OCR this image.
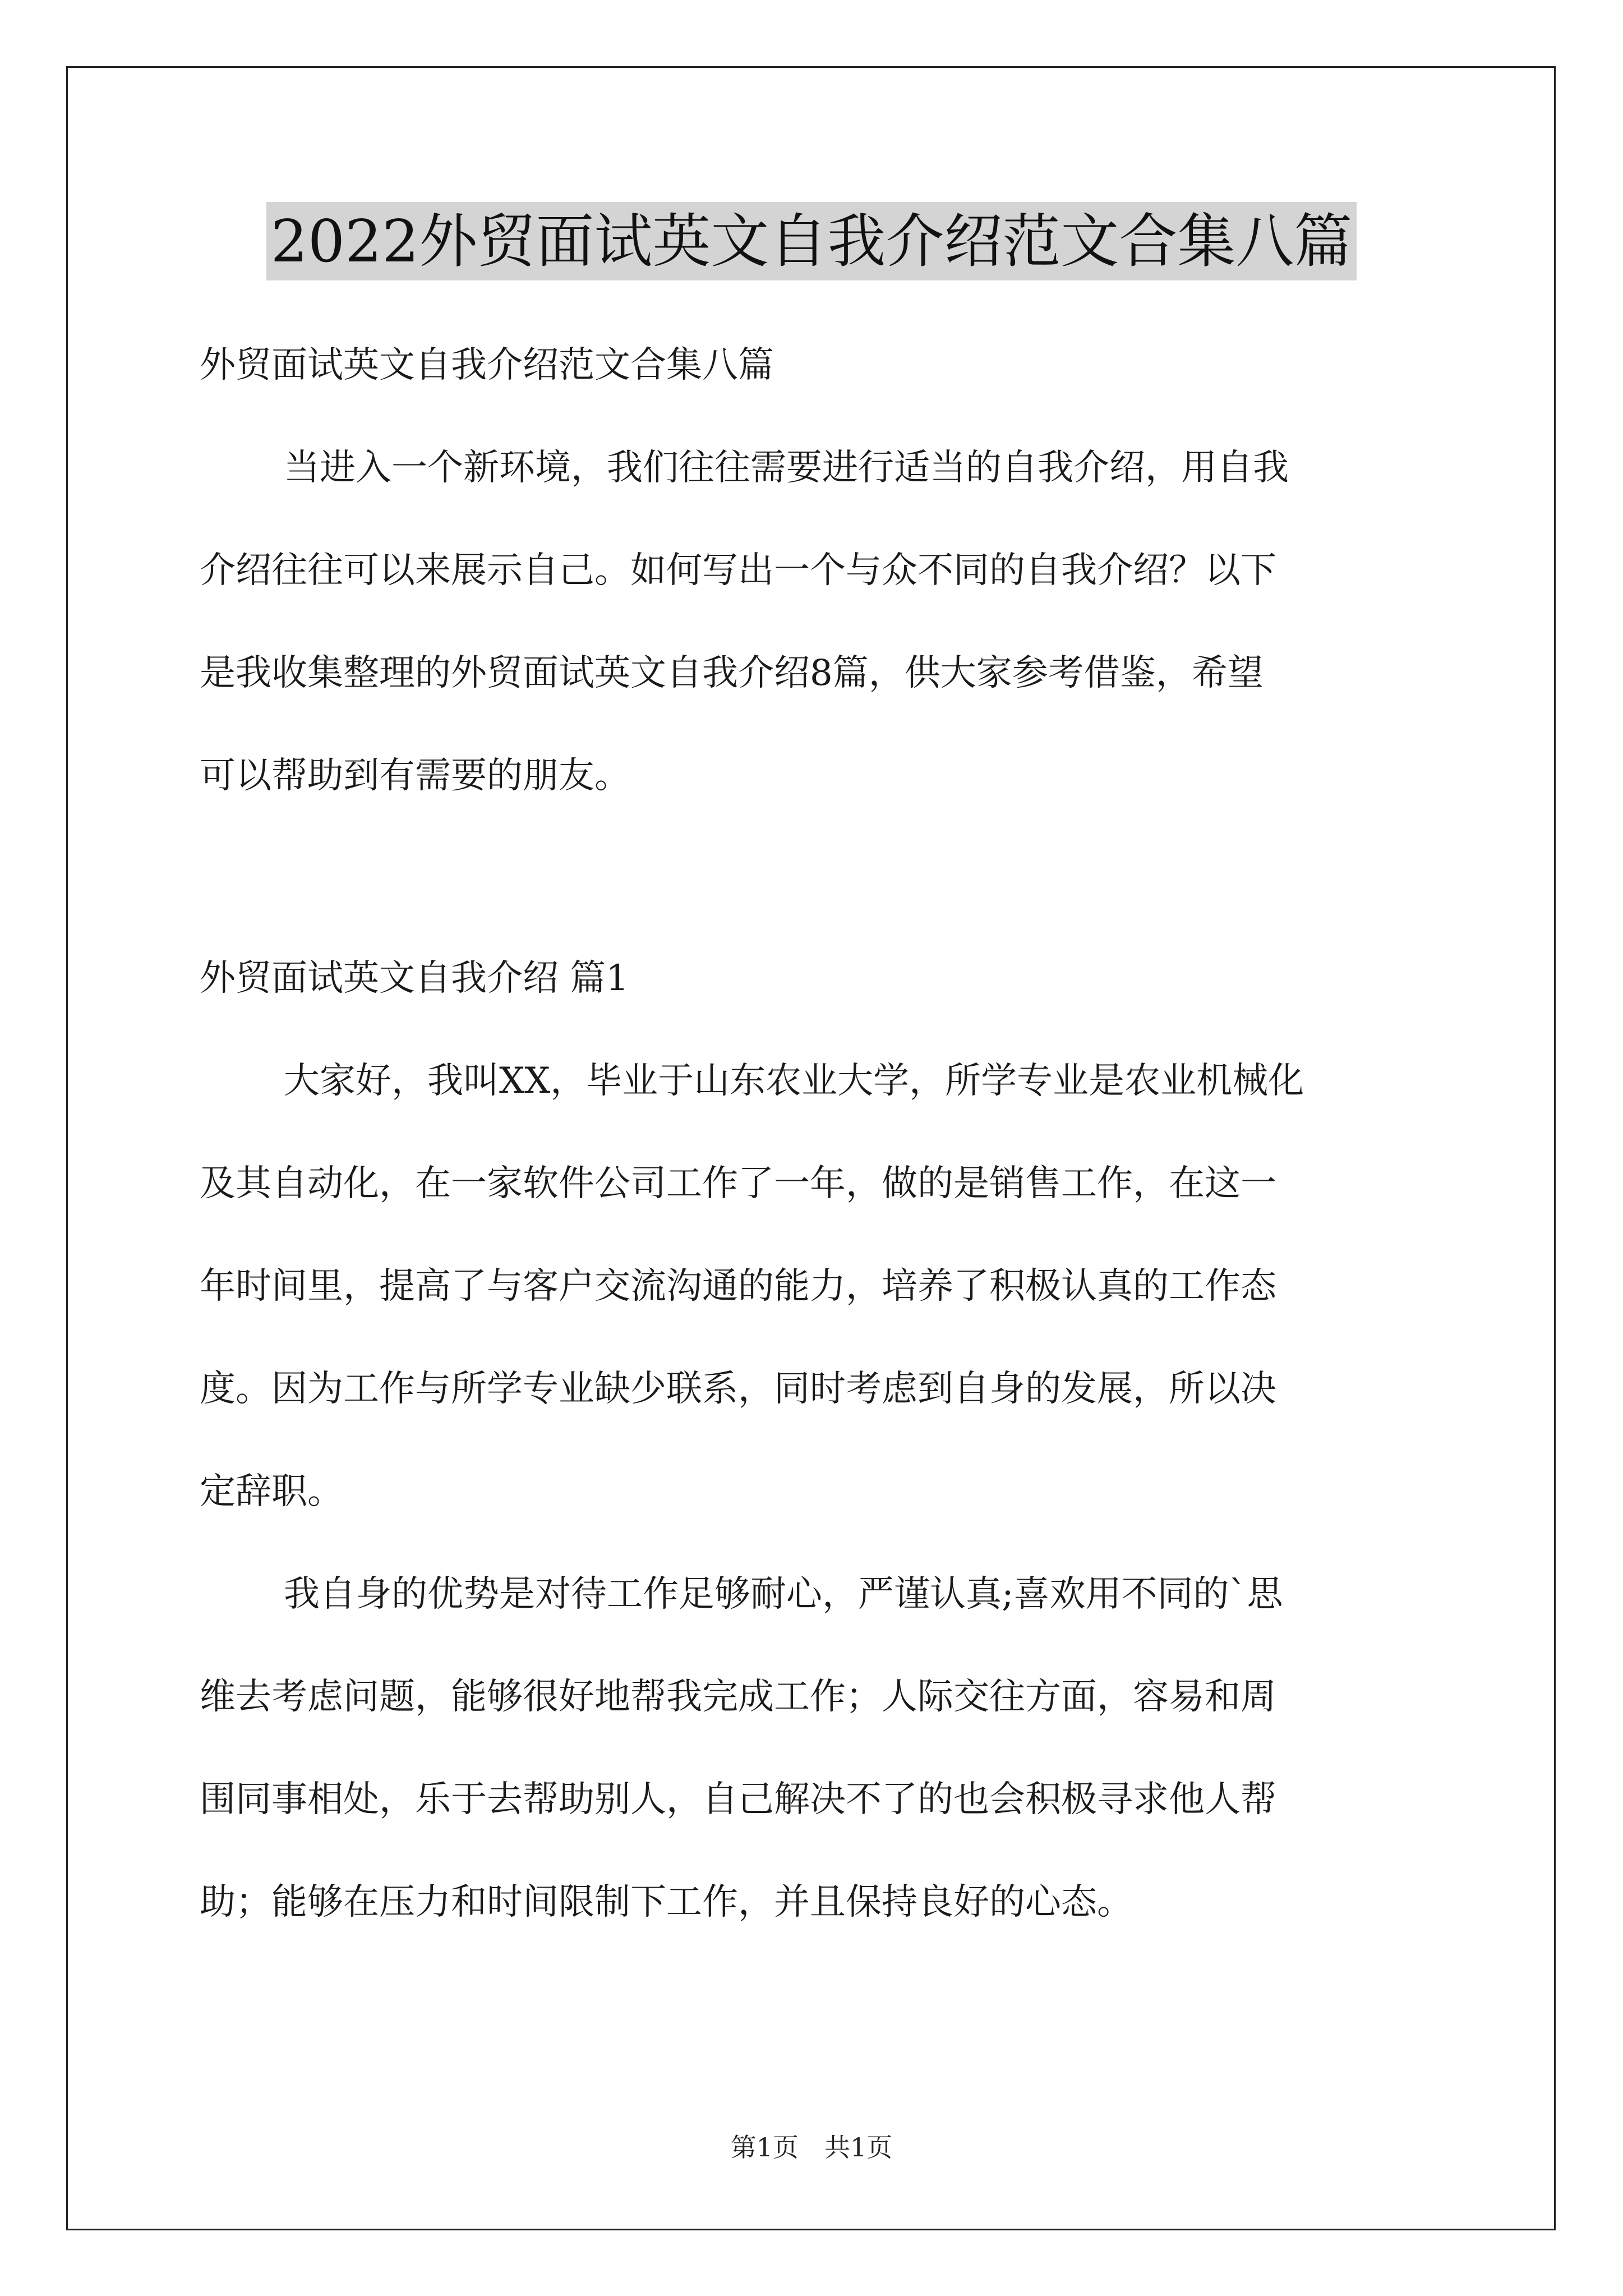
2022外贸面试英文自我介绍范文合集八篇
外贸面试英文自我介绍范文合集八篇
当进入一个新环境，我们往往需要进行适当的自我介绍，用自我
介绍往往可以来展示自己。如何写出一个与众不同的自我介绍？以下
是我收集整理的外贸面试英文自我介绍8篇，供大家参考借鉴，希望
可以帮助到有需要的朋友。
外贸面试英文自我介绍 篇1
大家好，我叫XX，毕业于山东农业大学，所学专业是农业机械化
及其自动化，在一家软件公司工作了一年，做的是销售工作，在这一
年时间里，提高了与客户交流沟通的能力，培养了积极认真的工作态
度。因为工作与所学专业缺少联系，同时考虑到自身的发展，所以决
定辞职。
我自身的优势是对待工作足够耐心，严谨认真;喜欢用不同的`思
维去考虑问题，能够很好地帮我完成工作；人际交往方面，容易和周
围同事相处，乐于去帮助别人，自己解决不了的也会积极寻求他人帮
助；能够在压力和时间限制下工作，并且保持良好的心态。
第1页 共1页
